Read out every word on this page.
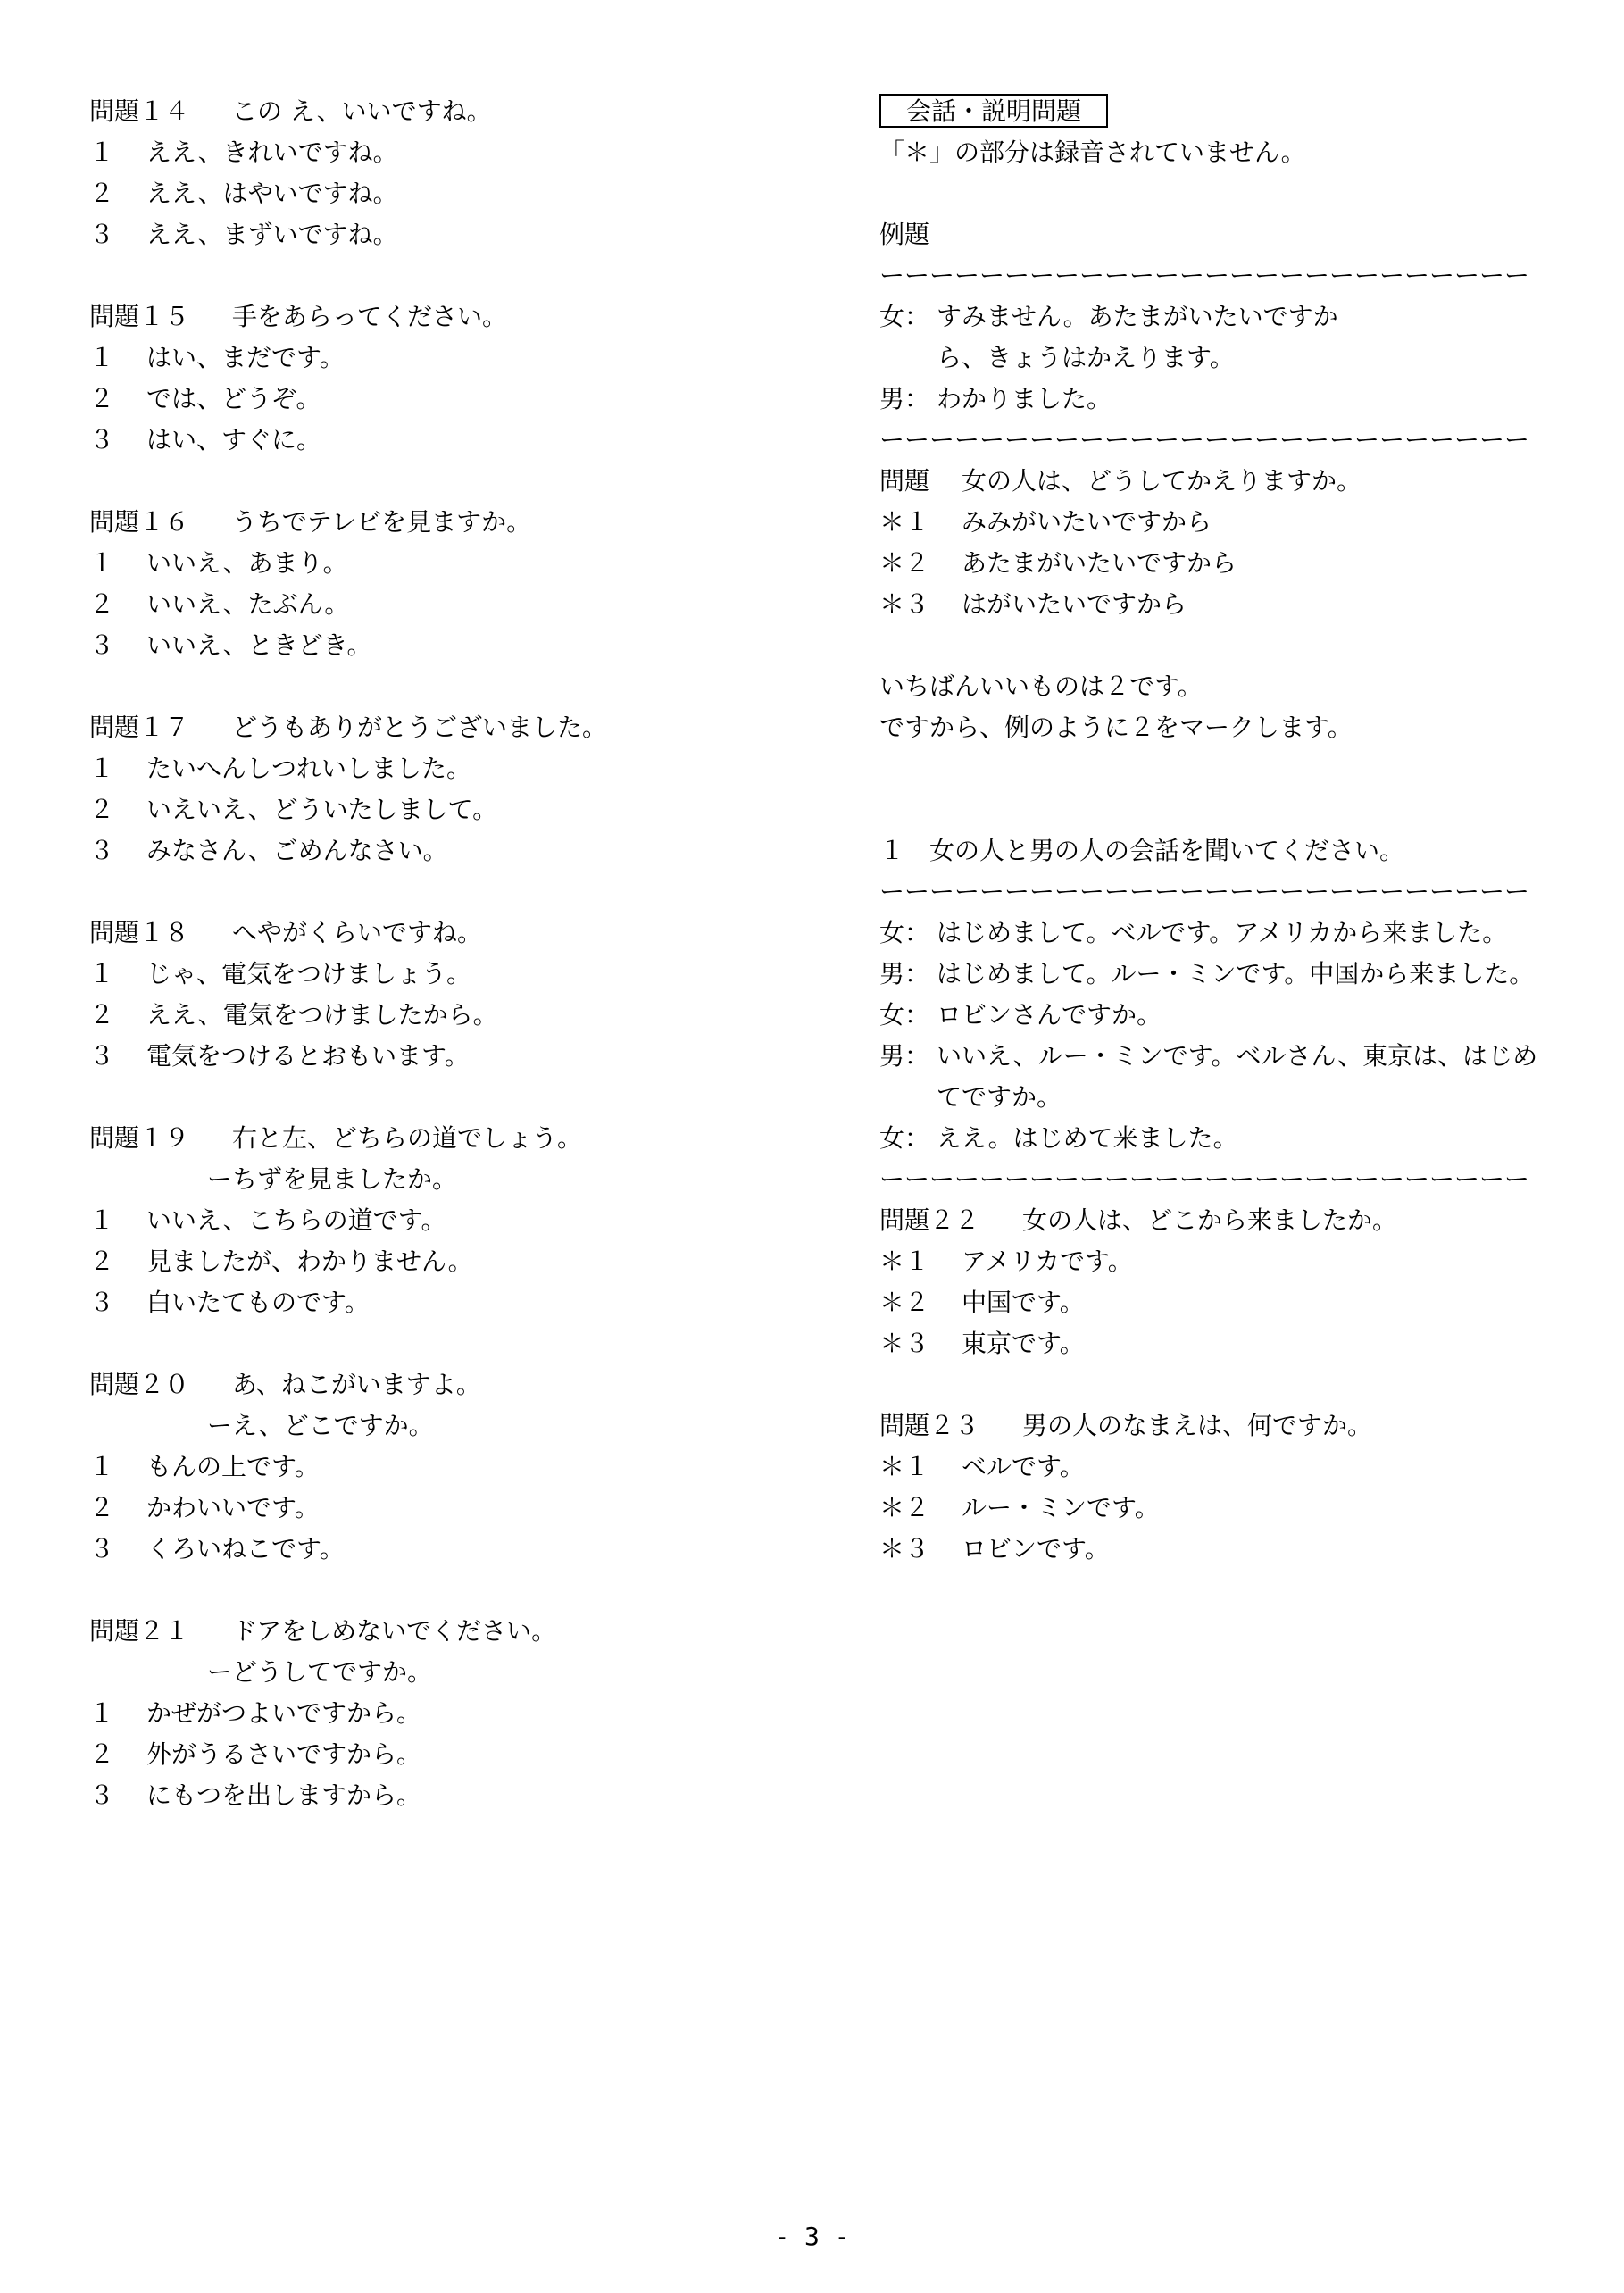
問題１４ この え、いいですね。
１ ええ、きれいですね。
２ ええ、はやいですね。
３ ええ、まずいですね。
問題１５ 手をあらってください。
１ はい、まだです。
２ では、どうぞ。
３ はい、すぐに。
問題１６ うちでテレビを見ますか。
１ いいえ、あまり。
２ いいえ、たぶん。
３ いいえ、ときどき。
問題１７ どうもありがとうございました。
１ たいへんしつれいしました。
２ いえいえ、どういたしまして。
３ みなさん、ごめんなさい。
問題１８ へやがくらいですね。
１ じゃ、電気をつけましょう。
２ ええ、電気をつけましたから。
３ 電気をつけるとおもいます。
問題１９ 右と左、どちらの道でしょう。
ーちずを見ましたか。
１ いいえ、こちらの道です。
２ 見ましたが、わかりません。
３ 白いたてものです。
問題２０ あ、ねこがいますよ。
ーえ、どこですか。
１ もんの上です。
２ かわいいです。
３ くろいねこです。
問題２１ ドアをしめないでください。
ーどうしてですか。
１ かぜがつよいですから。
２ 外がうるさいですから。
３ にもつを出しますから。
会話・説明問題
「＊」の部分は録音されていません。
例題
ーーーーーーーーーーーーーーーーーーーーーーーーーー
女： すみません。あたまがいたいですから、きょうはかえります。
男： わかりました。
ーーーーーーーーーーーーーーーーーーーーーーーーーー
問題 女の人は、どうしてかえりますか。
＊１ みみがいたいですから
＊２ あたまがいたいですから
＊３ はがいたいですから
いちばんいいものは２です。
ですから、例のように２をマークします。
１　女の人と男の人の会話を聞いてください。
ーーーーーーーーーーーーーーーーーーーーーーーーーー
女： はじめまして。ベルです。アメリカから来ました。
男： はじめまして。ルー・ミンです。中国から来ました。
女： ロビンさんですか。
男： いいえ、ルー・ミンです。ベルさん、東京は、はじめてですか。
女： ええ。はじめて来ました。
ーーーーーーーーーーーーーーーーーーーーーーーーーー
問題２２ 女の人は、どこから来ましたか。
＊１ アメリカです。
＊２ 中国です。
＊３ 東京です。
問題２３ 男の人のなまえは、何ですか。
＊１ ベルです。
＊２ ルー・ミンです。
＊３ ロビンです。
- 3 -
